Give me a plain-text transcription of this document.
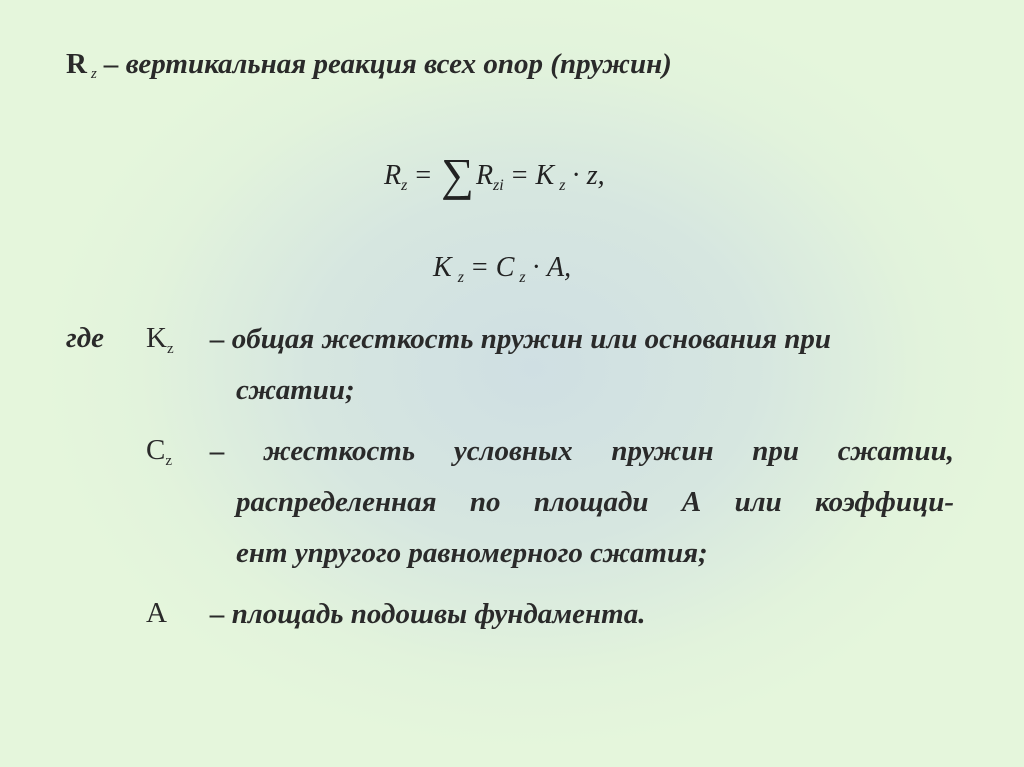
Rz – вертикальная реакция всех опор (пружин)
$R_z = \sum R_{zi} = K$ $_z$ · z,
K $_z$ = C $_z$ · A,
где $K_z$ – общая жесткость пружин или основания при
сжатии;
$C_z$ – жесткость условных пружин при сжатии,
распределенная по площади А или коэффици-
ент упругого равномерного сжатия;
A – площадь подошвы фундамента.
